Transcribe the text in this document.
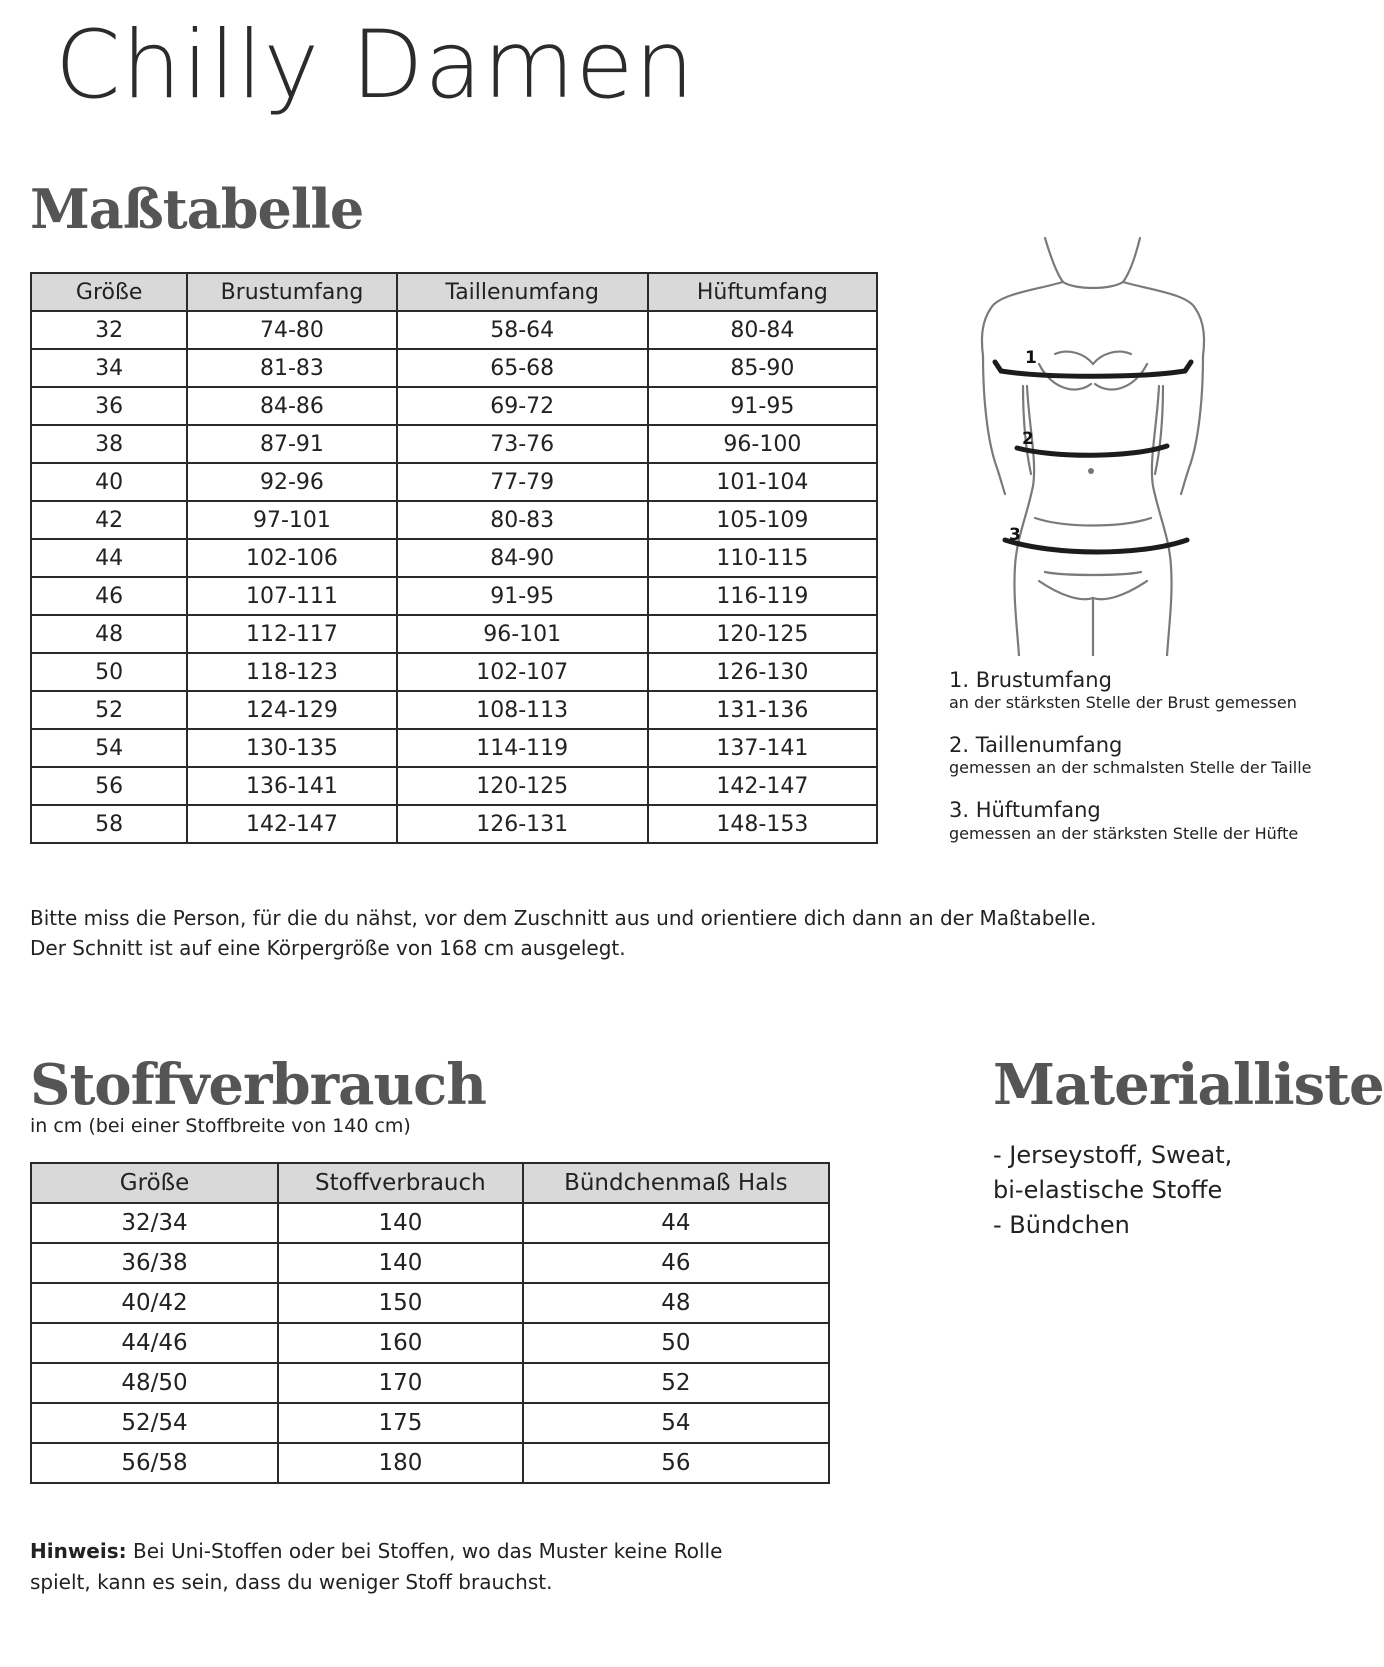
Chilly Damen
Maßtabelle
Größe	Brustumfang	Taillenumfang	Hüftumfang
32	74-80	58-64	80-84
34	81-83	65-68	85-90
36	84-86	69-72	91-95
38	87-91	73-76	96-100
40	92-96	77-79	101-104
42	97-101	80-83	105-109
44	102-106	84-90	110-115
46	107-111	91-95	116-119
48	112-117	96-101	120-125
50	118-123	102-107	126-130
52	124-129	108-113	131-136
54	130-135	114-119	137-141
56	136-141	120-125	142-147
58	142-147	126-131	148-153
1
2
3
1. Brustumfang
an der stärksten Stelle der Brust gemessen
2. Taillenumfang
gemessen an der schmalsten Stelle der Taille
3. Hüftumfang
gemessen an der stärksten Stelle der Hüfte
Bitte miss die Person, für die du nähst, vor dem Zuschnitt aus und orientiere dich dann an der Maßtabelle.
Der Schnitt ist auf eine Körpergröße von 168 cm ausgelegt.
Stoffverbrauch
in cm (bei einer Stoffbreite von 140 cm)
Größe	Stoffverbrauch	Bündchenmaß Hals
32/34	140	44
36/38	140	46
40/42	150	48
44/46	160	50
48/50	170	52
52/54	175	54
56/58	180	56
Materialliste
- Jerseystoff, Sweat,
bi-elastische Stoffe
- Bündchen
Hinweis: Bei Uni-Stoffen oder bei Stoffen, wo das Muster keine Rolle
spielt, kann es sein, dass du weniger Stoff brauchst.
